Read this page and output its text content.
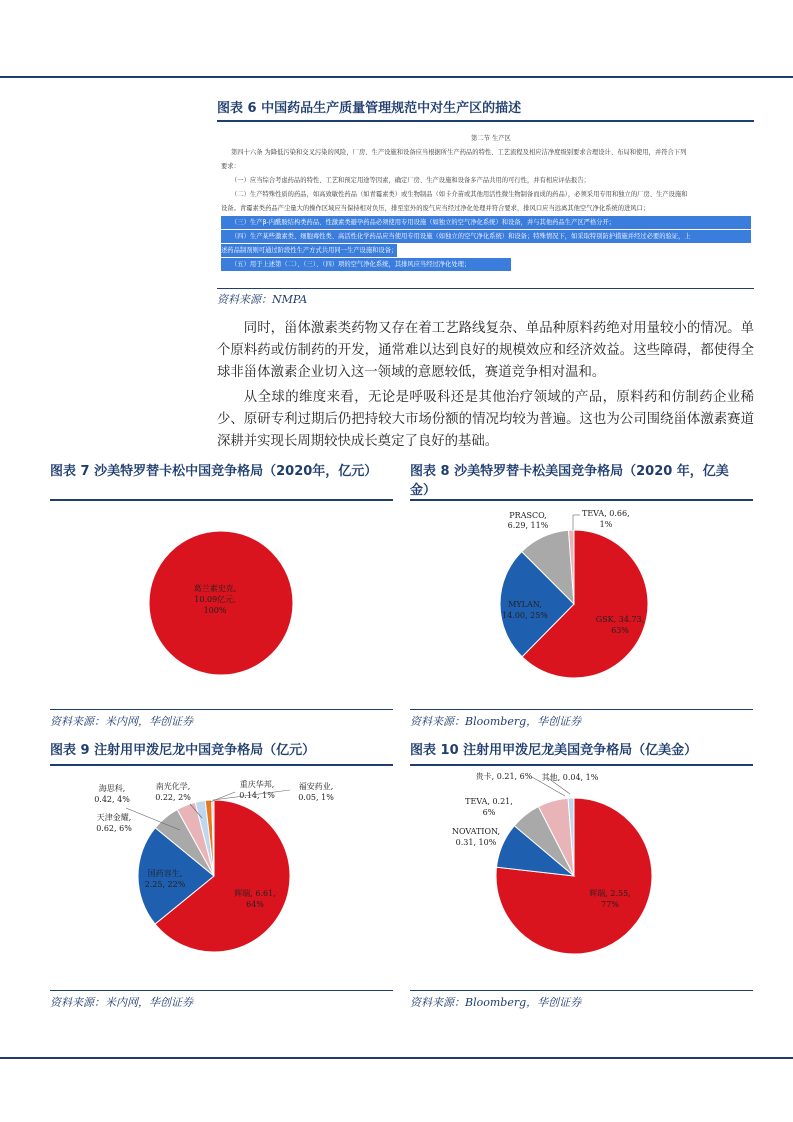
图表 6 中国药品生产质量管理规范中对生产区的描述
第二节 生产区
第四十六条 为降低污染和交叉污染的风险，厂房、生产设施和设备应当根据所生产药品的特性、工艺流程及相应洁净度级别要求合理设计、布局和使用，并符合下列
要求：
（一）应当综合考虑药品的特性、工艺和预定用途等因素，确定厂房、生产设施和设备多产品共用的可行性，并有相应评估报告；
（二）生产特殊性质的药品，如高致敏性药品（如青霉素类）或生物制品（如卡介苗或其他用活性微生物制备而成的药品），必须采用专用和独立的厂房、生产设施和
设备。青霉素类药品产尘量大的操作区域应当保持相对负压，排至室外的废气应当经过净化处理并符合要求，排风口应当远离其他空气净化系统的进风口；
（三）生产β-内酰胺结构类药品、性激素类避孕药品必须使用专用设施（如独立的空气净化系统）和设备，并与其他药品生产区严格分开；
（四）生产某些激素类、细胞毒性类、高活性化学药品应当使用专用设施（如独立的空气净化系统）和设备；特殊情况下，如采取特别防护措施并经过必要的验证，上
述药品制剂则可通过阶段性生产方式共用同一生产设施和设备；
（五）用于上述第（二）、（三）、（四）项的空气净化系统，其排风应当经过净化处理；
资料来源：NMPA

同时，甾体激素类药物又存在着工艺路线复杂、单品种原料药绝对用量较小的情况。单个原料药或仿制药的开发，通常难以达到良好的规模效应和经济效益。这些障碍，都使得全球非甾体激素企业切入这一领域的意愿较低，赛道竞争相对温和。

从全球的维度来看，无论是呼吸科还是其他治疗领域的产品，原料药和仿制药企业稀少、原研专利过期后仍把持较大市场份额的情况均较为普遍。这也为公司围绕甾体激素赛道深耕并实现长周期较快成长奠定了良好的基础。

图表 7 沙美特罗替卡松中国竞争格局（2020年，亿元）
葛兰素史克,
10.09亿元,
100%
资料来源：米内网，华创证券
图表 8 沙美特罗替卡松美国竞争格局（2020 年，亿美
金）
TEVA, 0.66,
1%
PRASCO,
6.29, 11%
MYLAN,
14.00, 25%	GSK, 34.73,
63%
资料来源：Bloomberg，华创证券
图表 9 注射用甲泼尼龙中国竞争格局（亿元）
海思科,
0.42, 4%
南光化学,
0.22, 2%
重庆华邦,
0.14, 1%
福安药业,
0.05, 1%
天津金耀,
0.62, 6%
国药容生,
2.25, 22%
辉瑞, 6.61,
64%
资料来源：米内网，华创证券
图表 10 注射用甲泼尼龙美国竞争格局（亿美金）
贵卡, 0.21, 6% 其他, 0.04, 1%
TEVA, 0.21,
6%
NOVATION,
0.31, 10%
辉瑞, 2.55,
77%
资料来源：Bloomberg，华创证券
